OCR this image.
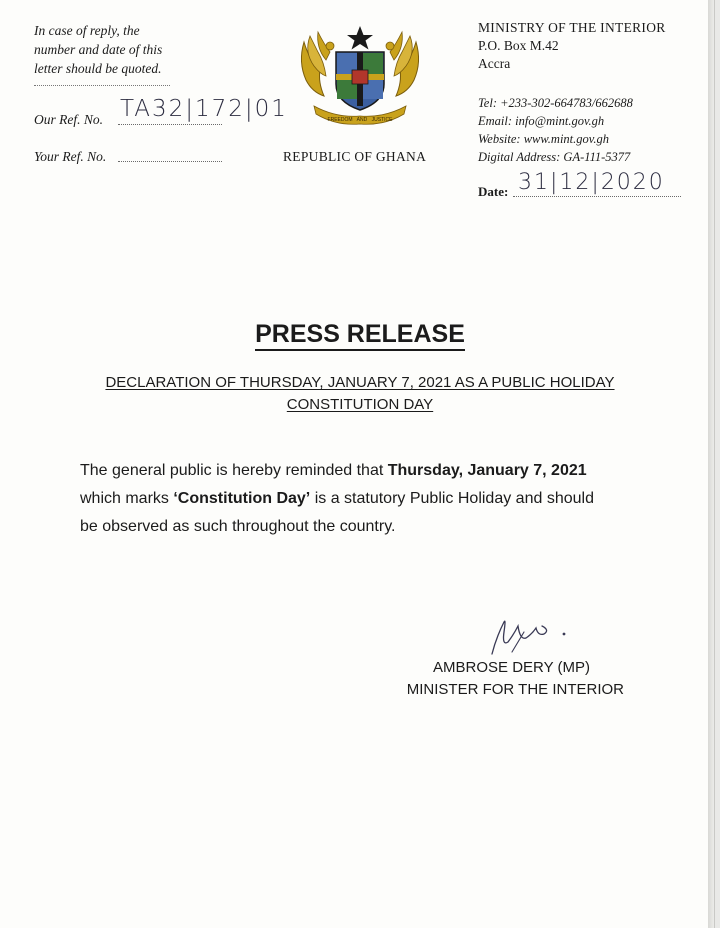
In case of reply, the
number and date of this
letter should be quoted.
Our Ref. No. TA32|172|01
Your Ref. No.
FREEDOM AND JUSTICE
REPUBLIC OF GHANA
MINISTRY OF THE INTERIOR
P.O. Box M.42
Accra
Tel: +233-302-664783/662688
Email: info@mint.gov.gh
Website: www.mint.gov.gh
Digital Address: GA-111-5377
Date: 31|12|2020
PRESS RELEASE
DECLARATION OF THURSDAY, JANUARY 7, 2021 AS A PUBLIC HOLIDAY
CONSTITUTION DAY
The general public is hereby reminded that Thursday, January 7, 2021
which marks ‘Constitution Day’ is a statutory Public Holiday and should
be observed as such throughout the country.
AMBROSE DERY (MP)
MINISTER FOR THE INTERIOR
